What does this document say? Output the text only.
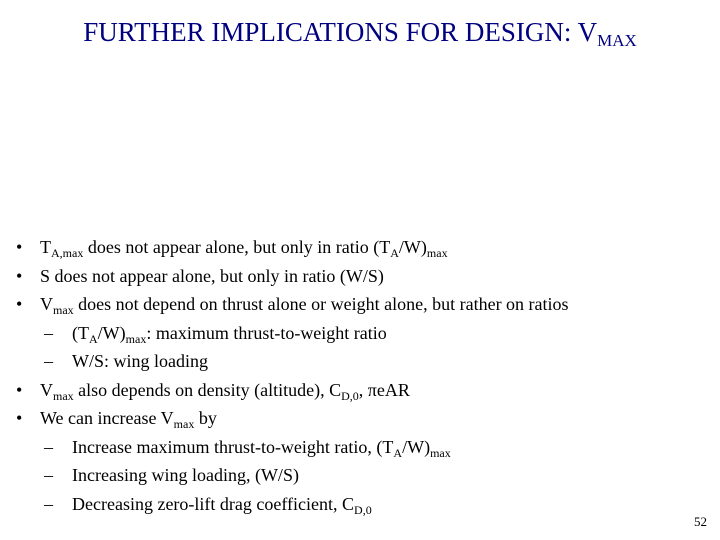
FURTHER IMPLICATIONS FOR DESIGN: $V_{MAX}$
• $T_{A,max}$ does not appear alone, but only in ratio $(T_A/W)_{max}$
• S does not appear alone, but only in ratio (W/S)
• $V_{max}$ does not depend on thrust alone or weight alone, but rather on ratios
– $(T_A/W)_{max}$: maximum thrust-to-weight ratio
– W/S: wing loading
• $V_{max}$ also depends on density (altitude), $C_{D,0}$, πeAR
• We can increase $V_{max}$ by
– Increase maximum thrust-to-weight ratio, $(T_A/W)_{max}$
– Increasing wing loading, (W/S)
– Decreasing zero-lift drag coefficient, $C_{D,0}$
52
